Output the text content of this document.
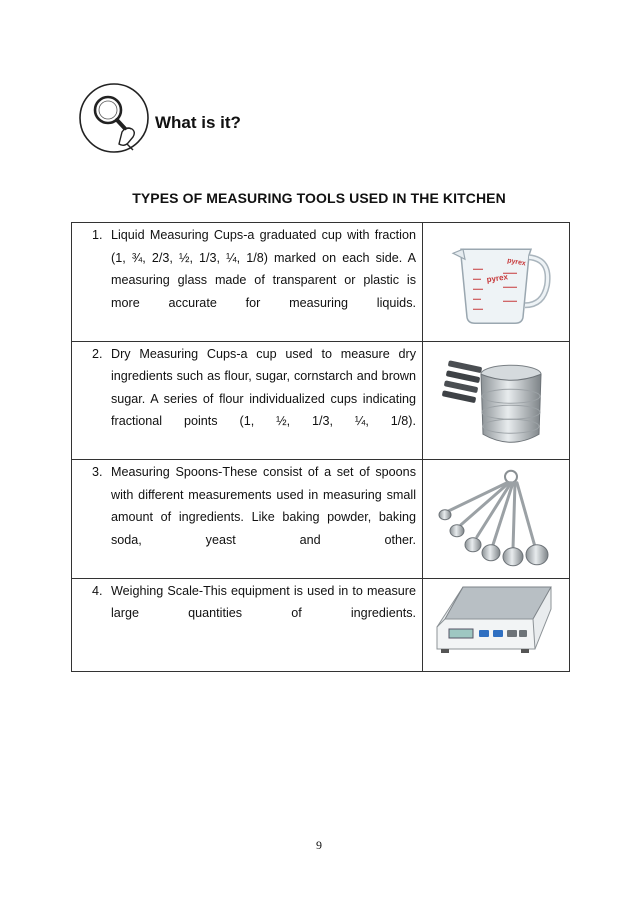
What is it?
TYPES OF MEASURING TOOLS USED IN THE KITCHEN
1. Liquid Measuring Cups-a graduated cup with fraction (1, ¾, 2/3, ½, 1/3, ¼, 1/8) marked on each side. A measuring glass made of transparent or plastic is more accurate for measuring liquids.	pyrex
pyrex

2. Dry Measuring Cups-a cup used to measure dry ingredients such as flour, sugar, cornstarch and brown sugar. A series of flour individualized cups indicating fractional points (1, ½, 1/3, ¼, 1/8).

3. Measuring Spoons-These consist of a set of spoons with different measurements used in measuring small amount of ingredients. Like baking powder, baking soda, yeast and other.

4. Weighing Scale-This equipment is used in to measure large quantities of ingredients.

9
